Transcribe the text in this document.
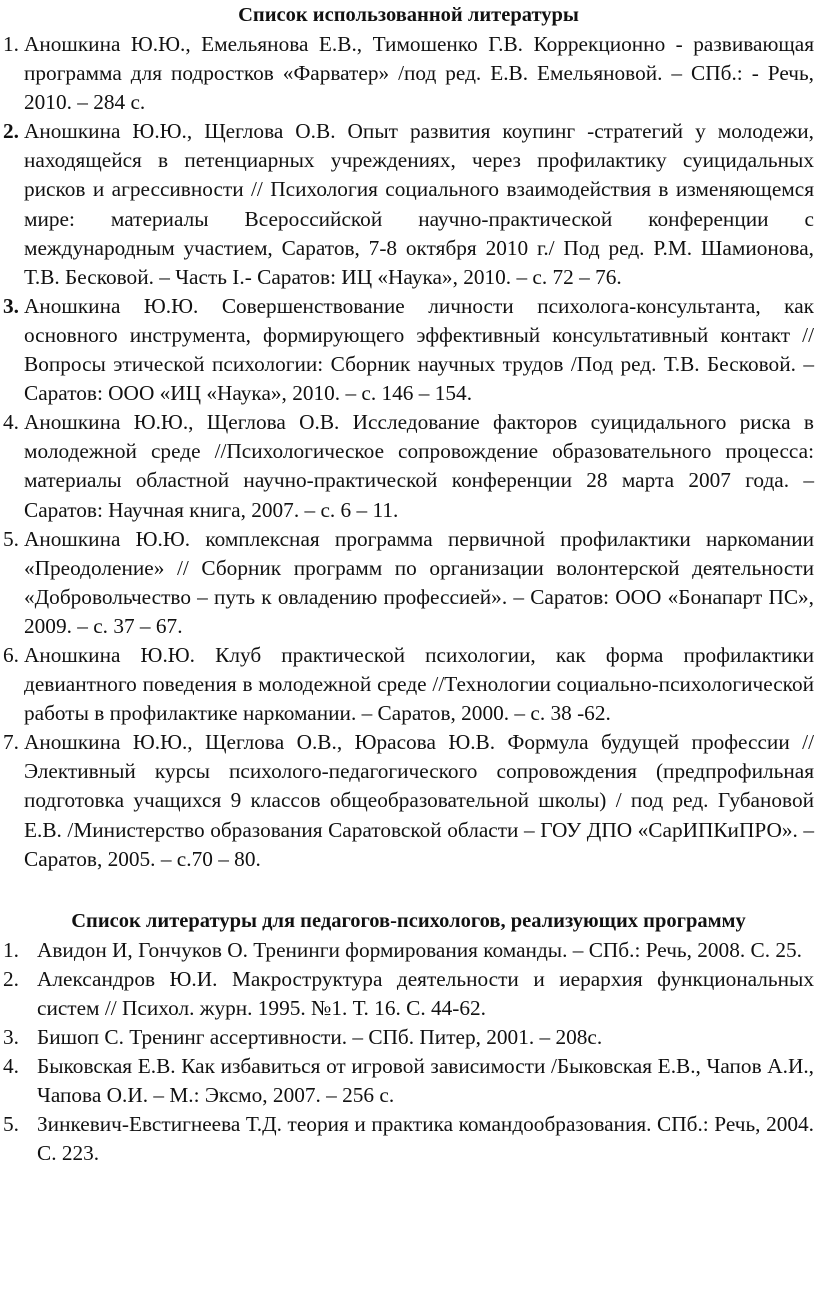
Список использованной литературы
1. Аношкина Ю.Ю., Емельянова Е.В., Тимошенко Г.В. Коррекционно - развивающая программа для подростков «Фарватер» /под ред. Е.В. Емельяновой. – СПб.: - Речь, 2010. – 284 с.
2. Аношкина Ю.Ю., Щеглова О.В. Опыт развития коупинг -стратегий у молодежи, находящейся в петенциарных учреждениях, через профилактику суицидальных рисков и агрессивности // Психология социального взаимодействия в изменяющемся мире: материалы Всероссийской научно-практической конференции с международным участием, Саратов, 7-8 октября 2010 г./ Под ред. Р.М. Шамионова, Т.В. Бесковой. – Часть I.- Саратов: ИЦ «Наука», 2010. – с. 72 – 76.
3. Аношкина Ю.Ю. Совершенствование личности психолога-консультанта, как основного инструмента, формирующего эффективный консультативный контакт // Вопросы этической психологии: Сборник научных трудов /Под ред. Т.В. Бесковой. – Саратов: ООО «ИЦ «Наука», 2010. – с. 146 – 154.
4. Аношкина Ю.Ю., Щеглова О.В. Исследование факторов суицидального риска в молодежной среде //Психологическое сопровождение образовательного процесса: материалы областной научно-практической конференции 28 марта 2007 года. – Саратов: Научная книга, 2007. – с. 6 – 11.
5. Аношкина Ю.Ю. комплексная программа первичной профилактики наркомании «Преодоление» // Сборник программ по организации волонтерской деятельности «Добровольчество – путь к овладению профессией». – Саратов: ООО «Бонапарт ПС», 2009. – с. 37 – 67.
6. Аношкина Ю.Ю. Клуб практической психологии, как форма профилактики девиантного поведения в молодежной среде //Технологии социально-психологической работы в профилактике наркомании. – Саратов, 2000. – с. 38 -62.
7. Аношкина Ю.Ю., Щеглова О.В., Юрасова Ю.В. Формула будущей профессии // Элективный курсы психолого-педагогического сопровождения (предпрофильная подготовка учащихся 9 классов общеобразовательной школы) / под ред. Губановой Е.В. /Министерство образования Саратовской области – ГОУ ДПО «СарИПКиПРО». – Саратов, 2005. – с.70 – 80.
Список литературы для педагогов-психологов, реализующих программу
1. Авидон И, Гончуков О. Тренинги формирования команды. – СПб.: Речь, 2008. С. 25.
2. Александров Ю.И. Макроструктура деятельности и иерархия функциональных систем // Психол. журн. 1995. №1. Т. 16. С. 44-62.
3. Бишоп С. Тренинг ассертивности. – СПб. Питер, 2001. – 208с.
4. Быковская Е.В. Как избавиться от игровой зависимости /Быковская Е.В., Чапов А.И., Чапова О.И. – М.: Эксмо, 2007. – 256 с.
5. Зинкевич-Евстигнеева Т.Д. теория и практика командообразования. СПб.: Речь, 2004. С. 223.
